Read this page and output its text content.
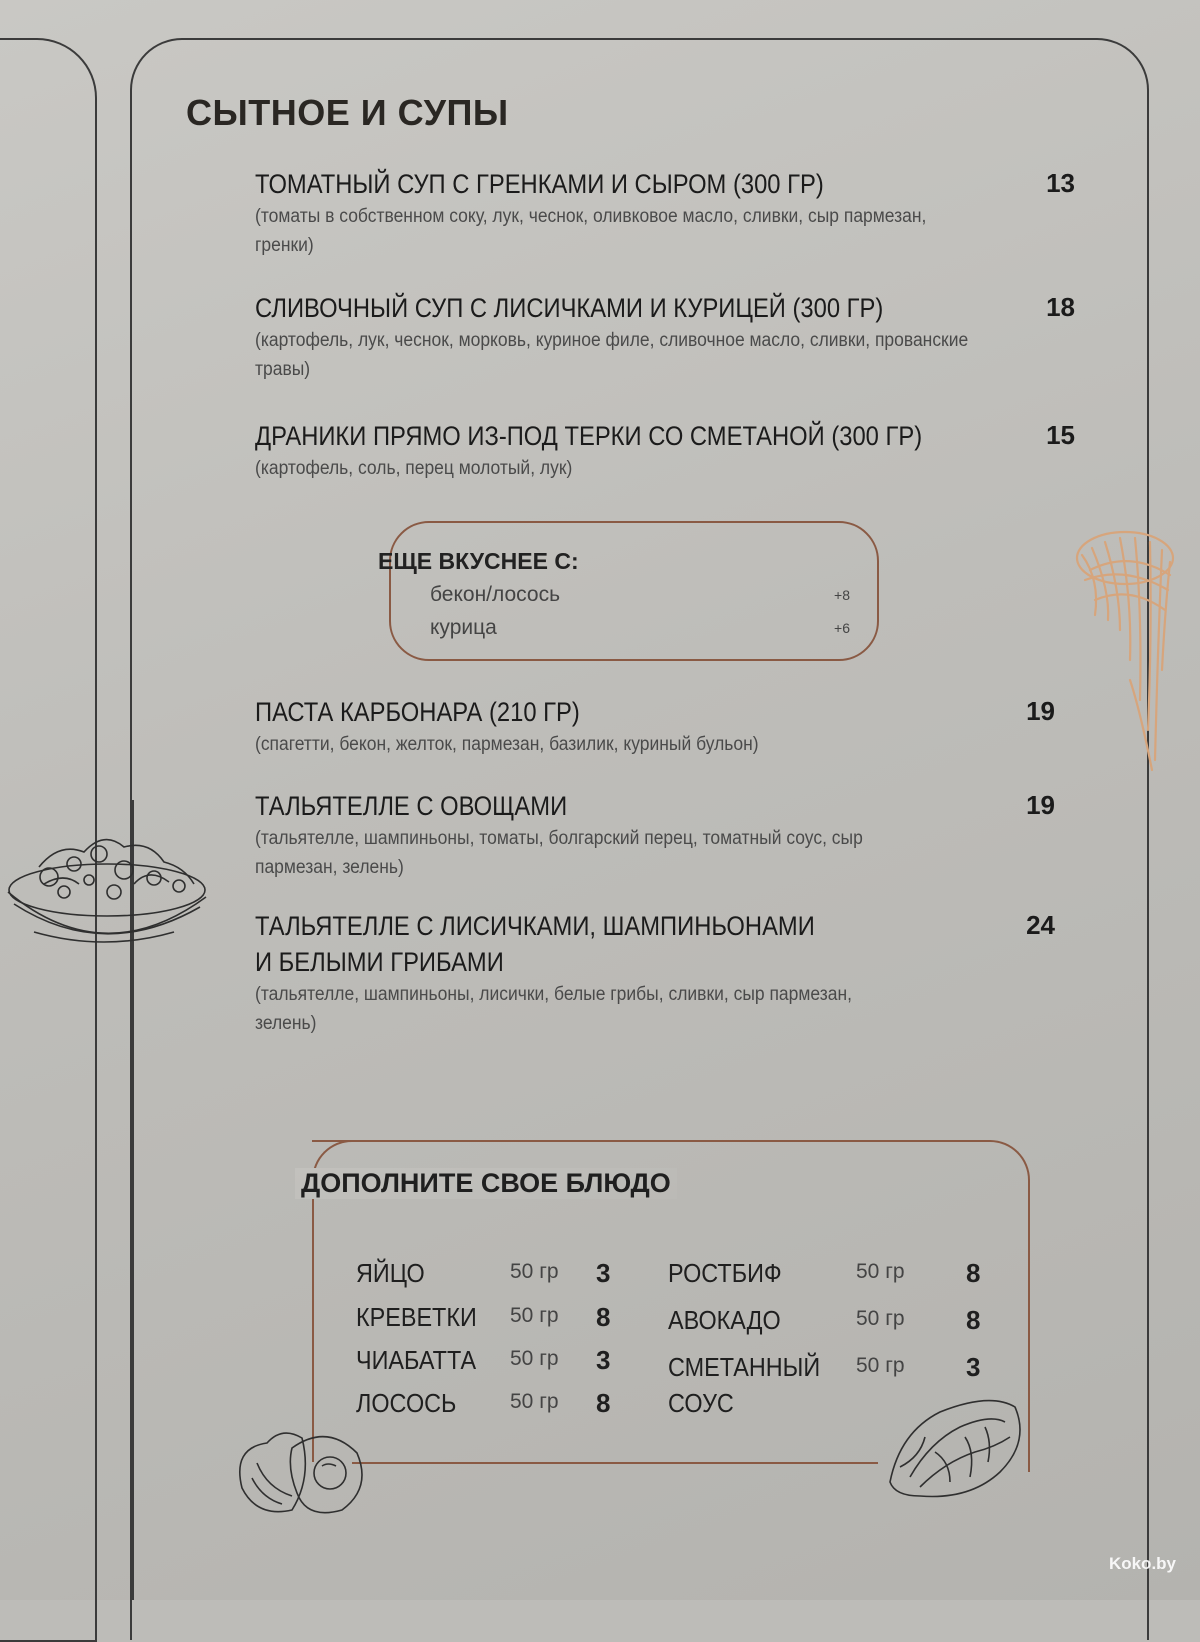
СЫТНОЕ И СУПЫ
ТОМАТНЫЙ СУП С ГРЕНКАМИ И СЫРОМ (300 ГР)
(томаты в собственном соку, лук, чеснок, оливковое масло, сливки, сыр пармезан, гренки)
13
СЛИВОЧНЫЙ СУП С ЛИСИЧКАМИ И КУРИЦЕЙ (300 ГР)
(картофель, лук, чеснок, морковь, куриное филе, сливочное масло, сливки, прованские травы)
18
ДРАНИКИ ПРЯМО ИЗ-ПОД ТЕРКИ СО СМЕТАНОЙ (300 ГР)
(картофель, соль, перец молотый, лук)
15
ЕЩЕ ВКУСНЕЕ С:
бекон/лосось	+8
курица	+6
ПАСТА КАРБОНАРА (210 ГР)
(спагетти, бекон, желток, пармезан, базилик, куриный бульон)
19
ТАЛЬЯТЕЛЛЕ С ОВОЩАМИ
(тальятелле, шампиньоны, томаты, болгарский перец, томатный соус, сыр пармезан, зелень)
19
ТАЛЬЯТЕЛЛЕ С ЛИСИЧКАМИ, ШАМПИНЬОНАМИ И БЕЛЫМИ ГРИБАМИ
(тальятелле, шампиньоны, лисички, белые грибы, сливки, сыр пармезан, зелень)
24
ДОПОЛНИТЕ СВОЕ БЛЮДО
ЯЙЦО	50 гр 3
КРЕВЕТКИ 50 гр 8
ЧИАБАТТА 50 гр 3
ЛОСОСЬ	50 гр 8
РОСТБИФ	50 гр 8
АВОКАДО	50 гр 8
СМЕТАННЫЙ 50 гр 3
СОУС
Koko.by
